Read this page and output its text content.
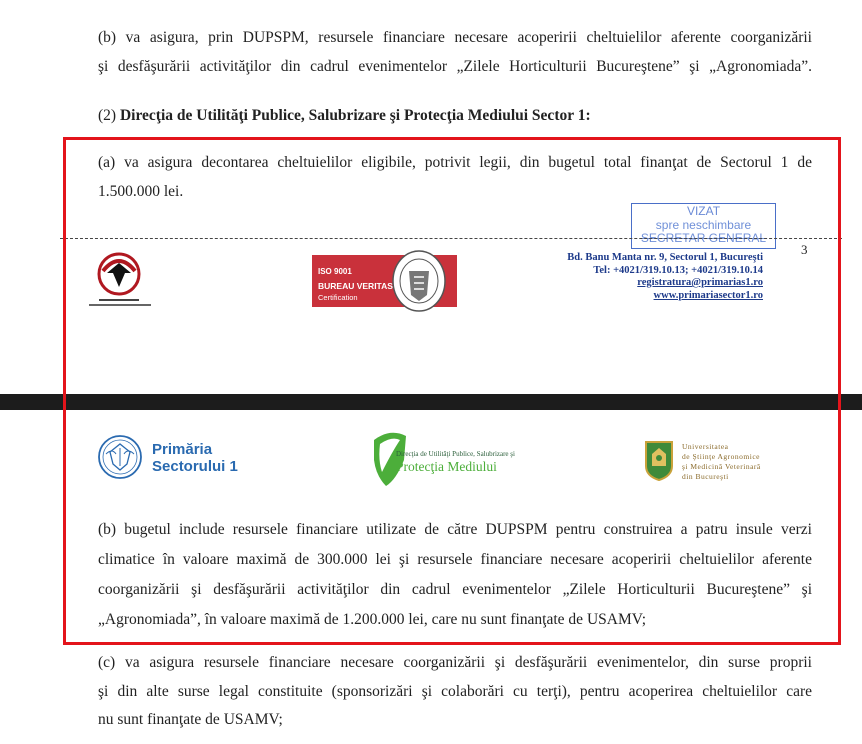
(b) va asigura, prin DUPSPM, resursele financiare necesare acoperirii cheltuielilor aferente coorganizării
şi desfăşurării activităţilor din cadrul evenimentelor „Zilele Horticulturii Bucureştene” şi „Agronomiada”.
(2) Direcţia de Utilităţi Publice, Salubrizare şi Protecţia Mediului Sector 1:
(a) va asigura decontarea cheltuielilor eligibile, potrivit legii, din bugetul total finanţat de Sectorul 1 de
1.500.000 lei.
VIZAT
spre neschimbare
SECRETAR GENERAL
3
ISO 9001
BUREAU VERITAS
Certification
Bd. Banu Manta nr. 9, Sectorul 1, Bucureşti
Tel: +4021/319.10.13; +4021/319.10.14
registratura@primarias1.ro
www.primariasector1.ro
Primăria
Sectorului 1
Direcţia de Utilităţi Publice, Salubrizare şi
Protecţia Mediului
Universitatea
de Ştiinţe Agronomice
şi Medicină Veterinară
din Bucureşti
(b) bugetul include resursele financiare utilizate de către DUPSPM pentru construirea a patru insule verzi
climatice în valoare maximă de 300.000 lei şi resursele financiare necesare acoperirii cheltuielilor aferente
coorganizării şi desfăşurării activităţilor din cadrul evenimentelor „Zilele Horticulturii Bucureştene” şi
„Agronomiada”, în valoare maximă de 1.200.000 lei, care nu sunt finanţate de USAMV;
(c) va asigura resursele financiare necesare coorganizării şi desfăşurării evenimentelor, din surse proprii
şi din alte surse legal constituite (sponsorizări şi colaborări cu terţi), pentru acoperirea cheltuielilor care
nu sunt finanţate de USAMV;
